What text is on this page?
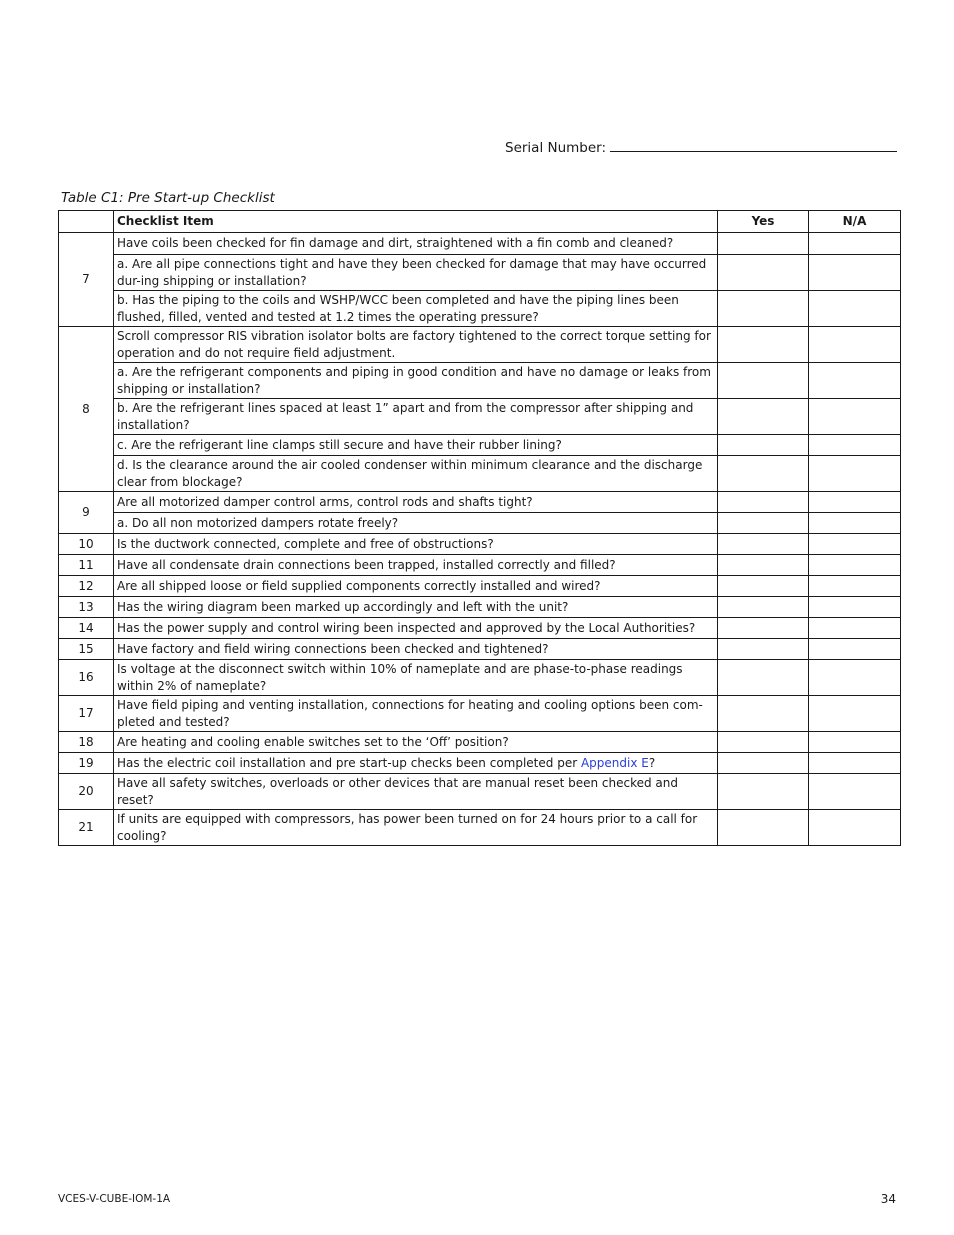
Serial Number:
Table C1: Pre Start-up Checklist
	Checklist Item	Yes	N/A
7	Have coils been checked for fin damage and dirt, straightened with a fin comb and cleaned?		
	a. Are all pipe connections tight and have they been checked for damage that may have occurred dur-ing shipping or installation?		
	b. Has the piping to the coils and WSHP/WCC been completed and have the piping lines been flushed, filled, vented and tested at 1.2 times the operating pressure?		
8	Scroll compressor RIS vibration isolator bolts are factory tightened to the correct torque setting for operation and do not require field adjustment.		
	a. Are the refrigerant components and piping in good condition and have no damage or leaks from shipping or installation?		
	b. Are the refrigerant lines spaced at least 1” apart and from the compressor after shipping and installation?		
	c. Are the refrigerant line clamps still secure and have their rubber lining?		
	d. Is the clearance around the air cooled condenser within minimum clearance and the discharge clear from blockage?		
9	Are all motorized damper control arms, control rods and shafts tight?		
	a. Do all non motorized dampers rotate freely?		
10	Is the ductwork connected, complete and free of obstructions?		
11	Have all condensate drain connections been trapped, installed correctly and filled?		
12	Are all shipped loose or field supplied components correctly installed and wired?		
13	Has the wiring diagram been marked up accordingly and left with the unit?		
14	Has the power supply and control wiring been inspected and approved by the Local Authorities?		
15	Have factory and field wiring connections been checked and tightened?		
16	Is voltage at the disconnect switch within 10% of nameplate and are phase-to-phase readings within 2% of nameplate?		
17	Have field piping and venting installation, connections for heating and cooling options been com-pleted and tested?		
18	Are heating and cooling enable switches set to the ‘Off’ position?		
19	Has the electric coil installation and pre start-up checks been completed per Appendix E?		
20	Have all safety switches, overloads or other devices that are manual reset been checked and reset?		
21	If units are equipped with compressors, has power been turned on for 24 hours prior to a call for cooling?		
VCES-V-CUBE-IOM-1A	34
